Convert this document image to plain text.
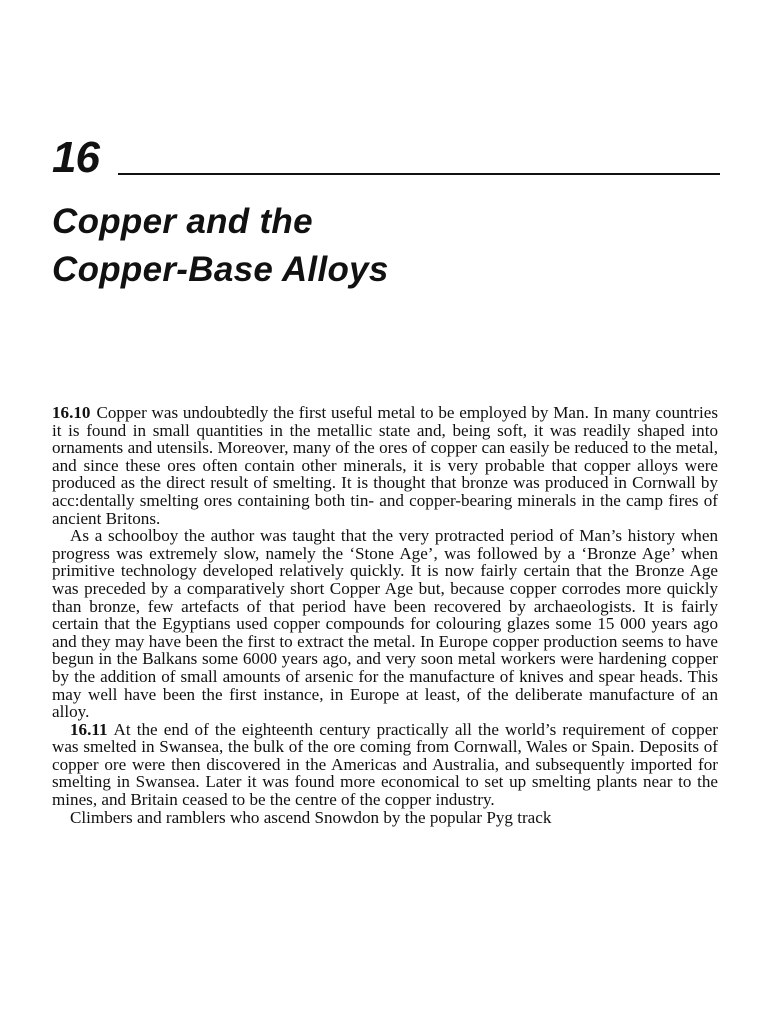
16
Copper and the
Copper-Base Alloys

16.10 Copper was undoubtedly the first useful metal to be employed by Man. In many countries it is found in small quantities in the metallic state and, being soft, it was readily shaped into ornaments and utensils. Moreover, many of the ores of copper can easily be reduced to the metal, and since these ores often contain other minerals, it is very probable that copper alloys were produced as the direct result of smelting. It is thought that bronze was produced in Cornwall by acc:dentally smelting ores containing both tin- and copper-bearing minerals in the camp fires of ancient Britons.

As a schoolboy the author was taught that the very protracted period of Man’s history when progress was extremely slow, namely the ‘Stone Age’, was followed by a ‘Bronze Age’ when primitive technology developed relatively quickly. It is now fairly certain that the Bronze Age was preceded by a comparatively short Copper Age but, because copper corrodes more quickly than bronze, few artefacts of that period have been recovered by archaeologists. It is fairly certain that the Egyptians used copper compounds for colouring glazes some 15 000 years ago and they may have been the first to extract the metal. In Europe copper production seems to have begun in the Balkans some 6000 years ago, and very soon metal workers were hardening copper by the addition of small amounts of arsenic for the manufacture of knives and spear heads. This may well have been the first instance, in Europe at least, of the deliberate manufacture of an alloy.

16.11 At the end of the eighteenth century practically all the world’s requirement of copper was smelted in Swansea, the bulk of the ore coming from Cornwall, Wales or Spain. Deposits of copper ore were then discovered in the Americas and Australia, and subsequently imported for smelting in Swansea. Later it was found more economical to set up smelting plants near to the mines, and Britain ceased to be the centre of the copper industry.

Climbers and ramblers who ascend Snowdon by the popular Pyg track
